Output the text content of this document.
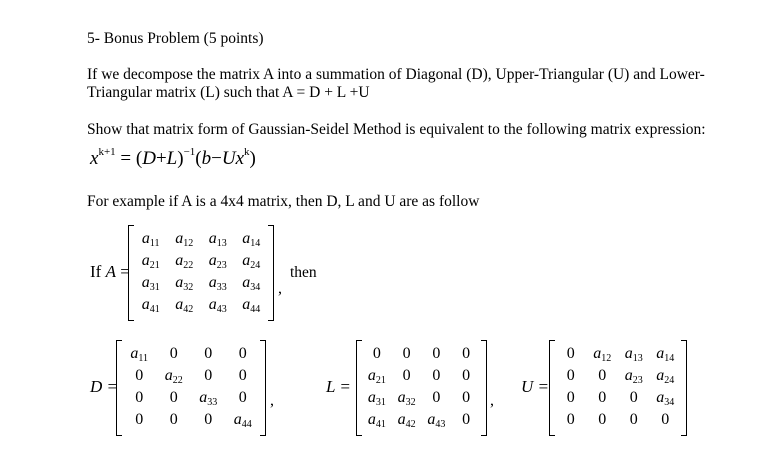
5- Bonus Problem (5 points)
If we decompose the matrix A into a summation of Diagonal (D), Upper-Triangular (U) and Lower-
Triangular matrix (L) such that A = D + L +U
Show that matrix form of Gaussian-Seidel Method is equivalent to the following matrix expression:
$x^{k+1} = (D+L)^{-1}(b-Ux^k)$
For example if A is a 4x4 matrix, then D, L and U are as follow
If A =
$a_{11}$ $a_{12}$ $a_{13}$ $a_{14}$
$a_{21}$ $a_{22}$ $a_{23}$ $a_{24}$
$a_{31}$ $a_{32}$ $a_{33}$ $a_{34}$
$a_{41}$ $a_{42}$ $a_{43}$ $a_{44}$
,
then
D =
$a_{11}$	0	0	0
0	$a_{22}$	0	0
0	0	$a_{33}$	0
0	0	0	$a_{44}$
,
L =
0	0	0	0
$a_{21}$	0	0	0
$a_{31}$ $a_{32}$	0	0
$a_{41}$ $a_{42}$ $a_{43}$	0
,
U =
0	$a_{12}$ $a_{13}$ $a_{14}$
0	0	$a_{23}$ $a_{24}$
0	0	0	$a_{34}$
0	0	0	0
